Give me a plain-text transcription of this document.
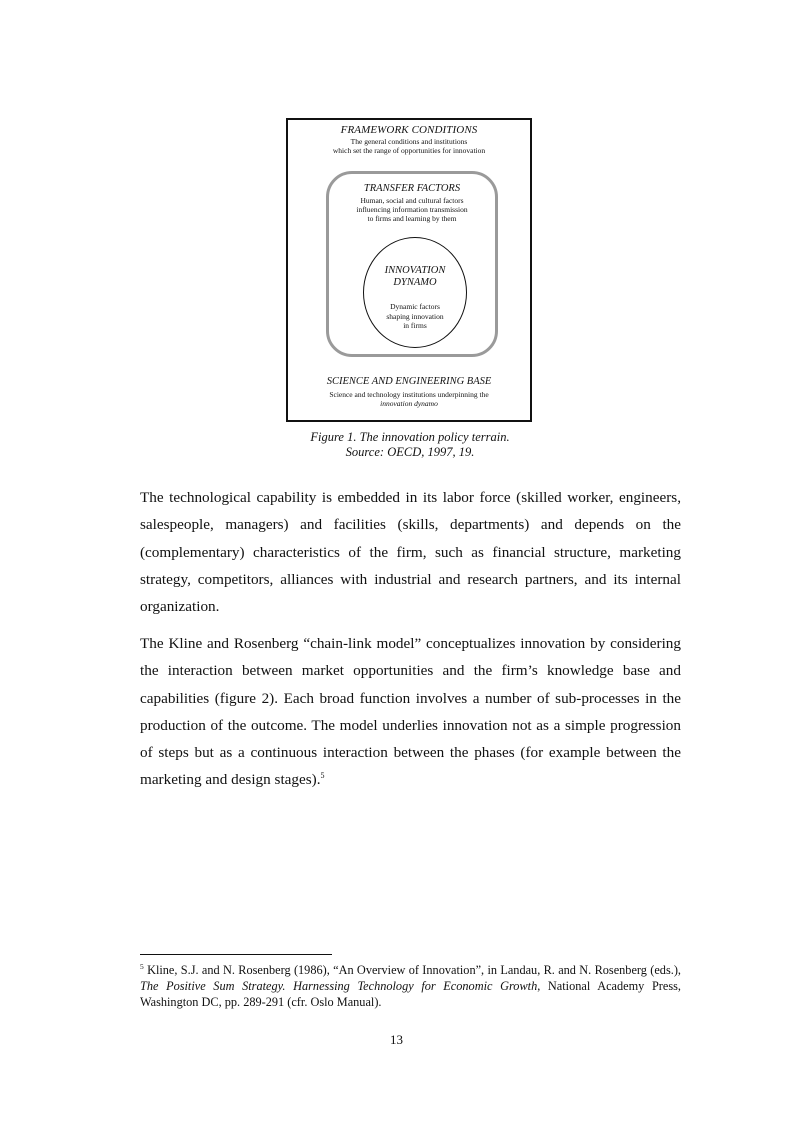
FRAMEWORK CONDITIONS
The general conditions and institutions
which set the range of opportunities for innovation
TRANSFER FACTORS
Human, social and cultural factors
influencing information transmission
to firms and learning by them
INNOVATION
DYNAMO
Dynamic factors
shaping innovation
in firms
SCIENCE AND ENGINEERING BASE
Science and technology institutions underpinning the
innovation dynamo
Figure 1. The innovation policy terrain.
Source: OECD, 1997, 19.

The technological capability is embedded in its labor force (skilled worker, engineers, salespeople, managers) and facilities (skills, departments) and depends on the (complementary) characteristics of the firm, such as financial structure, marketing strategy, competitors, alliances with industrial and research partners, and its internal organization.

The Kline and Rosenberg “chain-link model” conceptualizes innovation by considering the interaction between market opportunities and the firm’s knowledge base and capabilities (figure 2). Each broad function involves a number of sub-processes in the production of the outcome. The model underlies innovation not as a simple progression of steps but as a continuous interaction between the phases (for example between the marketing and design stages).$^5$

$^5$ Kline, S.J. and N. Rosenberg (1986), “An Overview of Innovation”, in Landau, R. and N. Rosenberg (eds.), The Positive Sum Strategy. Harnessing Technology for Economic Growth, National Academy Press, Washington DC, pp. 289-291 (cfr. Oslo Manual).

13
